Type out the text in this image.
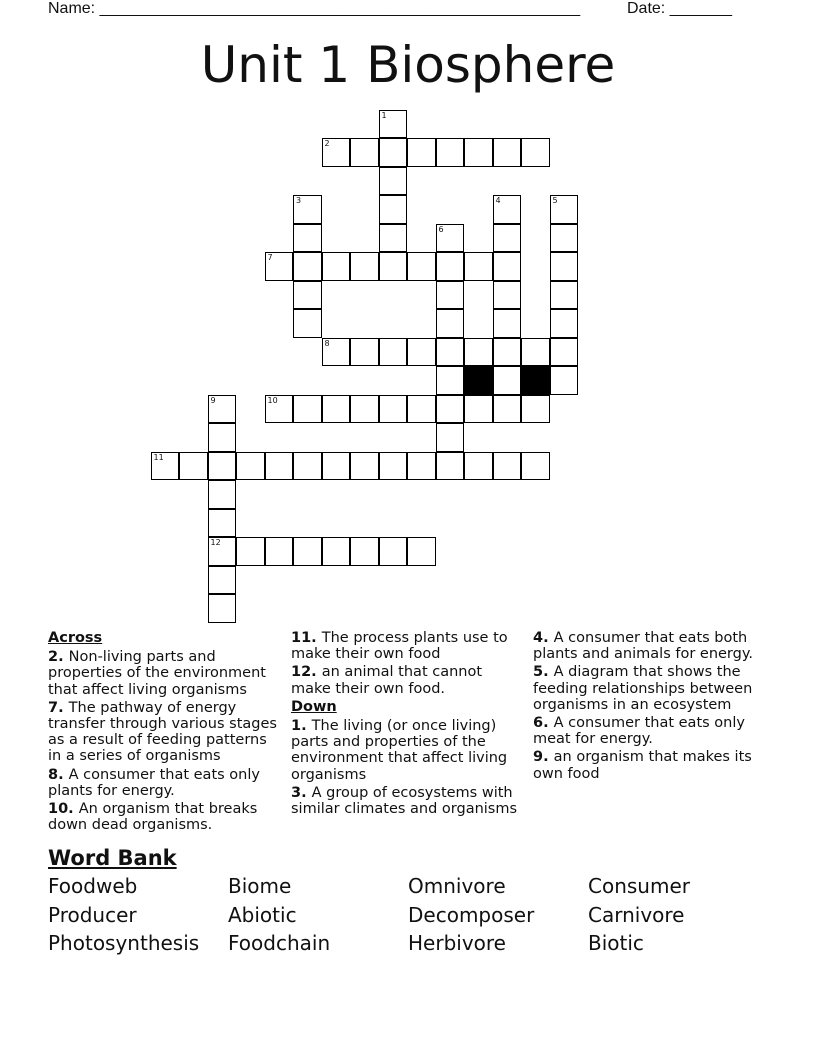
Name: ______________________________________________________	Date: _______
Unit 1 Biosphere
1
2
3
7
6
4	5
8
9	10
11
12
Across
2. Non-living parts and properties of the environment that affect living organisms
7. The pathway of energy transfer through various stages as a result of feeding patterns in a series of organisms
8. A consumer that eats only plants for energy.
10. An organism that breaks down dead organisms.
11. The process plants use to make their own food
12. an animal that cannot make their own food.
Down
1. The living (or once living) parts and properties of the environment that affect living organisms
3. A group of ecosystems with similar climates and organisms
4. A consumer that eats both plants and animals for energy.
5. A diagram that shows the feeding relationships between organisms in an ecosystem
6. A consumer that eats only meat for energy.
9. an organism that makes its own food
Word Bank
Foodweb	Biome	Omnivore	Consumer
Producer	Abiotic	Decomposer	Carnivore
Photosynthesis Foodchain	Herbivore	Biotic
